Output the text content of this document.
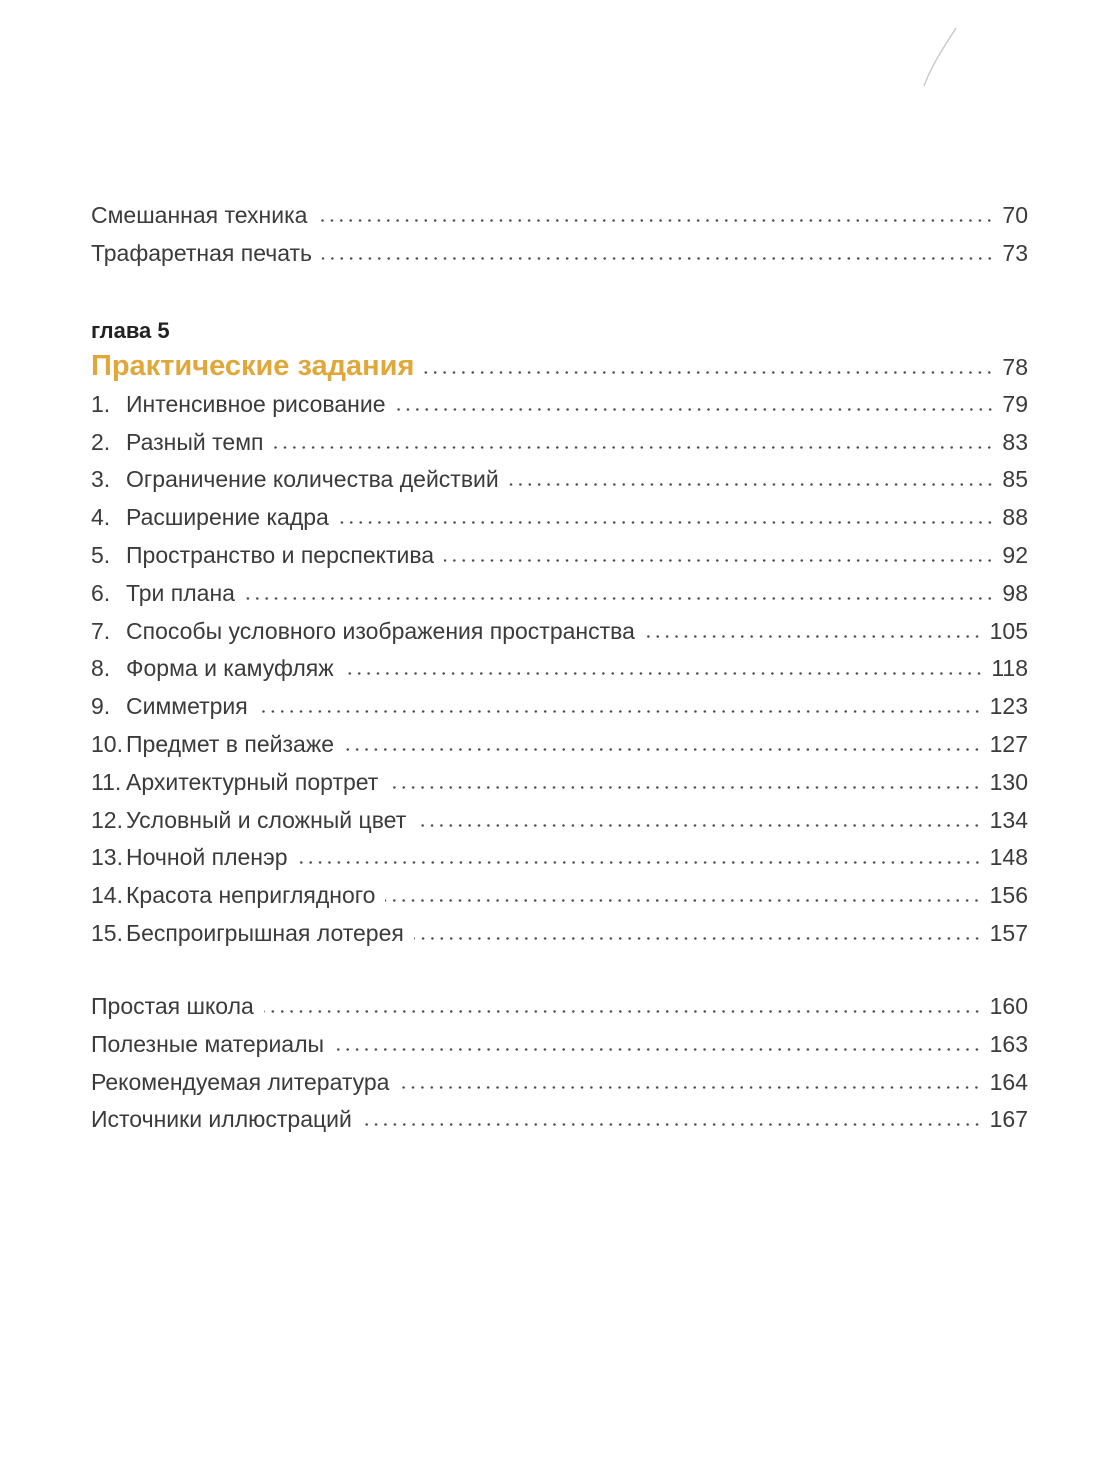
Смешанная техника	70
Трафаретная печать	73
глава 5
Практические задания	78
1. Интенсивное рисование	79
2. Разный темп	83
3. Ограничение количества действий	85
4. Расширение кадра	88
5. Пространство и перспектива	92
6. Три плана	98
7. Способы условного изображения пространства	105
8. Форма и камуфляж	118
9. Симметрия	123
10. Предмет в пейзаже	127
11. Архитектурный портрет	130
12. Условный и сложный цвет	134
13. Ночной пленэр	148
14. Красота неприглядного	156
15. Беспроигрышная лотерея	157
Простая школа	160
Полезные материалы	163
Рекомендуемая литература	164
Источники иллюстраций	167
